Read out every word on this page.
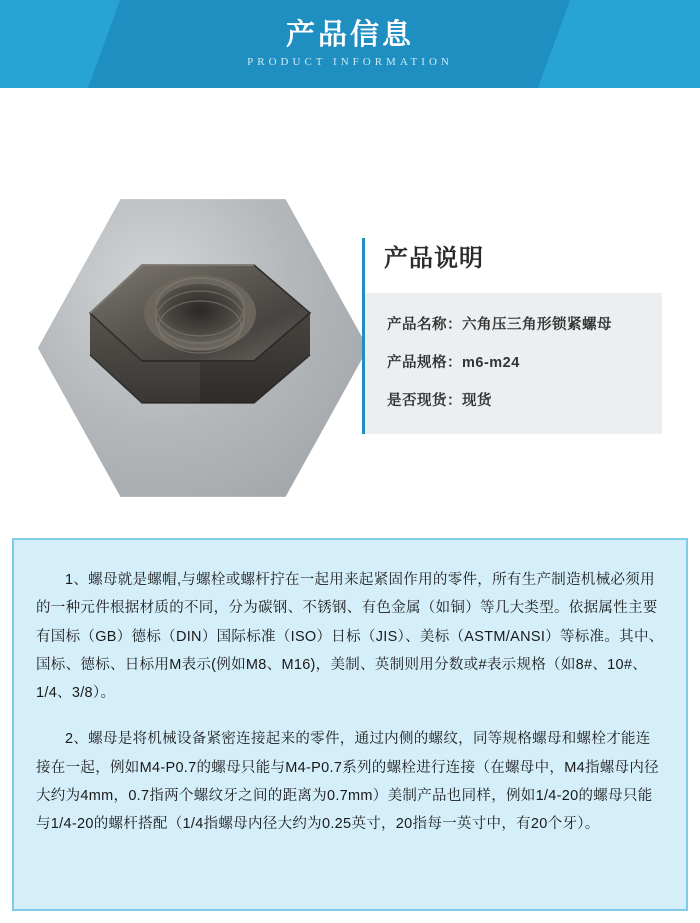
产品信息
PRODUCT INFORMATION
产品说明
产品名称：六角压三角形锁紧螺母
产品规格：m6-m24
是否现货：现货

1、螺母就是螺帽,与螺栓或螺杆拧在一起用来起紧固作用的零件，所有生产制造机械必须用的一种元件根据材质的不同，分为碳钢、不锈钢、有色金属（如铜）等几大类型。依据属性主要有国标（GB）德标（DIN）国际标准（ISO）日标（JIS）、美标（ASTM/ANSI）等标准。其中、国标、德标、日标用M表示(例如M8、M16)，美制、英制则用分数或#表示规格（如8#、10#、1/4、3/8）。

2、螺母是将机械设备紧密连接起来的零件，通过内侧的螺纹，同等规格螺母和螺栓才能连接在一起，例如M4-P0.7的螺母只能与M4-P0.7系列的螺栓进行连接（在螺母中，M4指螺母内径大约为4mm，0.7指两个螺纹牙之间的距离为0.7mm）美制产品也同样，例如1/4-20的螺母只能与1/4-20的螺杆搭配（1/4指螺母内径大约为0.25英寸，20指每一英寸中，有20个牙）。
